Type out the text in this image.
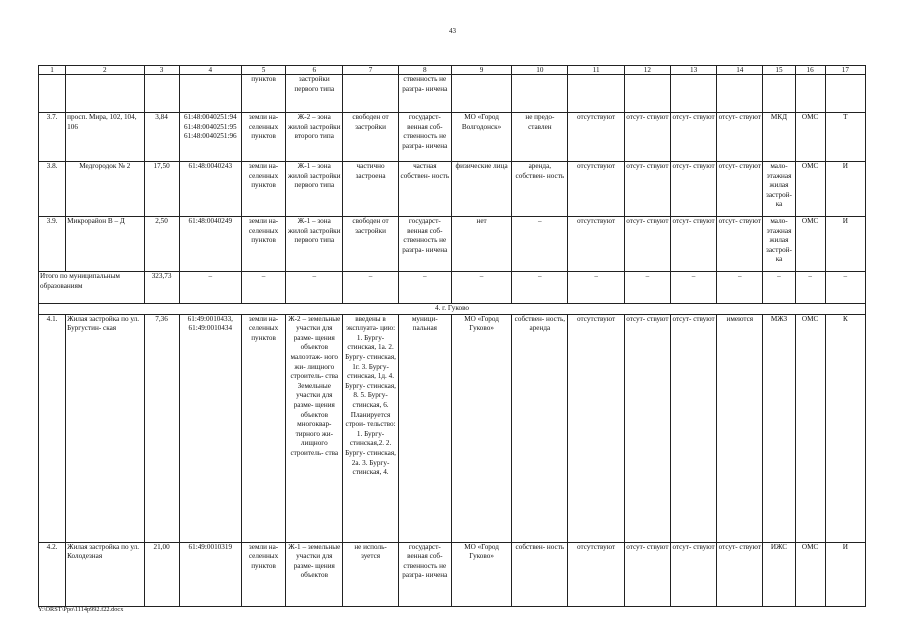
43
1	2	3	4	5	6	7	8	9	10	11	12	13	14	15	16	17
				пунктов	застройки первого типа		ственность не разгра- ничена									
3.7.	просп. Мира, 102, 104, 106	3,84	61:48:0040251:94 61:48:0040251:95 61:48:0040251:96	земли на- селенных пунктов	Ж-2 – зона жилой застройки второго типа	свободен от застройки	государст- венная соб- ственность не разгра- ничена	МО «Город Волгодонск»	не предо- ставлен	отсутствуют	отсут- ствуют	отсут- ствуют	отсут- ствуют	МКД	ОМС	Т
3.8.	Медгородок № 2	17,50	61:48:0040243	земли на- селенных пунктов	Ж-1 – зона жилой застройки первого типа	частично застроена	частная собствен- ность	физические лица	аренда, собствен- ность	отсутствуют	отсут- ствуют	отсут- ствуют	отсут- ствуют	мало- этажная жилая застрой- ка	ОМС	И
3.9.	Микрорайон В – Д	2,50	61:48:0040249	земли на- селенных пунктов	Ж-1 – зона жилой застройки первого типа	свободен от застройки	государст- венная соб- ственность не разгра- ничена	нет	–	отсутствуют	отсут- ствуют	отсут- ствуют	отсут- ствуют	мало- этажная жилая застрой- ка	ОМС	И
Итого по муниципальным образованиям		323,73	–	–	–	–	–	–	–	–	–	–	–	–	–	–
4. г. Гуково																
4.1.	Жилая застройка по ул. Бургустин- ская	7,36	61:49:0010433, 61:49:0010434	земли на- селенных пунктов	Ж-2 – земельные участки для разме- щения объектов малоэтаж- ного жи- лищного строитель- ства Земельные участки для разме- щения объектов многоквар- тирного жи- лищного строитель- ства	введены в эксплуата- цию: 1. Бургу- стинская, 1а. 2. Бургу- стинская, 1г. 3. Бургу- стинская, 1д. 4. Бургу- стинская, 8. 5. Бургу- стинская, 6. Планируется стрoи- тельство: 1. Бургу- стинская,2. 2. Бургу- стинская, 2а. 3. Бургу- стинская, 4.	муници- пальная	МО «Город Гуково»	собствен- ность, аренда	отсутствуют	отсут- ствуют	отсут- ствуют	имеются	МЖЗ	ОМС	К
4.2.	Жилая застройка по ул. Колодезная	21,00	61:49:0010319	земли на- селенных пунктов	Ж-1 – земельные участки для разме- щения объектов	не исполь- зуется	государст- венная соб- ственность не разгра- ничена	МО «Город Гуково»	собствен- ность	отсутствуют	отсут- ствуют	отсут- ствуют	отсут- ствуют	ИЖС	ОМС	И
Y:\ORST\Ppo\1114p992.f22.docx
